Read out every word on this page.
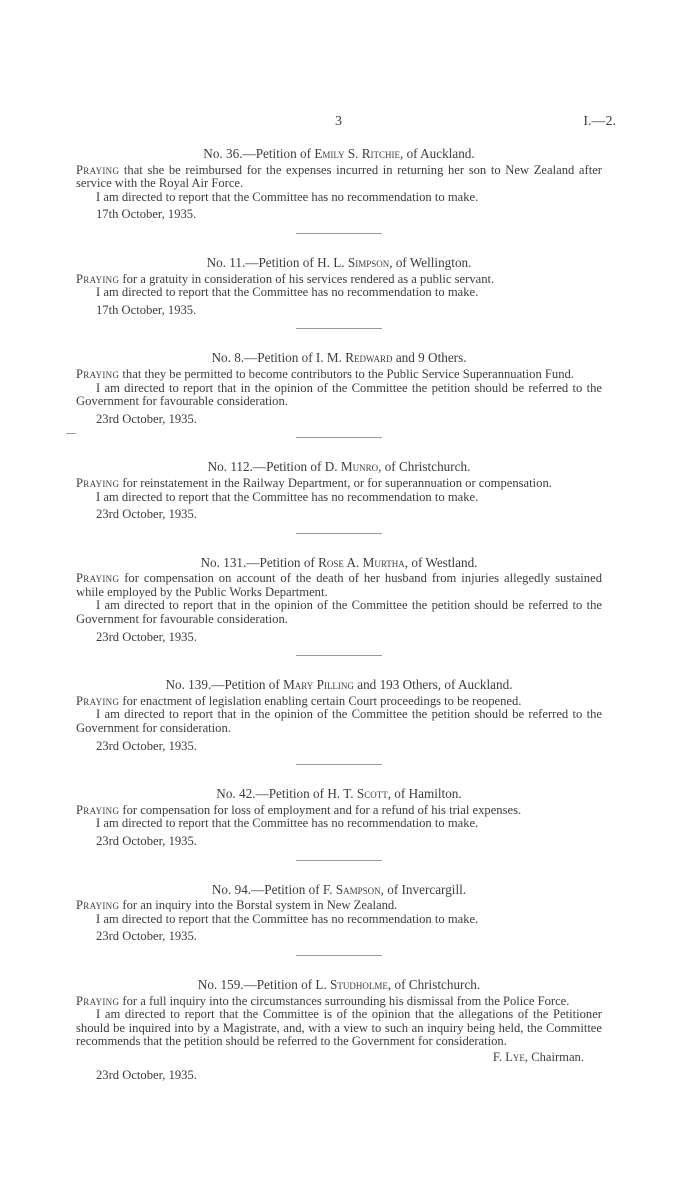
3	I.—2.
No. 36.—Petition of Emily S. Ritchie, of Auckland.

Praying that she be reimbursed for the expenses incurred in returning her son to New Zealand after service with the Royal Air Force.

I am directed to report that the Committee has no recommendation to make.

17th October, 1935.

No. 11.—Petition of H. L. Simpson, of Wellington.

Praying for a gratuity in consideration of his services rendered as a public servant.

I am directed to report that the Committee has no recommendation to make.

17th October, 1935.

No. 8.—Petition of I. M. Redward and 9 Others.

Praying that they be permitted to become contributors to the Public Service Superannuation Fund.

I am directed to report that in the opinion of the Committee the petition should be referred to the Government for favourable consideration.

23rd October, 1935.

No. 112.—Petition of D. Munro, of Christchurch.

Praying for reinstatement in the Railway Department, or for superannuation or compensation.

I am directed to report that the Committee has no recommendation to make.

23rd October, 1935.

No. 131.—Petition of Rose A. Murtha, of Westland.

Praying for compensation on account of the death of her husband from injuries allegedly sustained while employed by the Public Works Department.

I am directed to report that in the opinion of the Committee the petition should be referred to the Government for favourable consideration.

23rd October, 1935.

No. 139.—Petition of Mary Pilling and 193 Others, of Auckland.

Praying for enactment of legislation enabling certain Court proceedings to be reopened.

I am directed to report that in the opinion of the Committee the petition should be referred to the Government for consideration.

23rd October, 1935.

No. 42.—Petition of H. T. Scott, of Hamilton.

Praying for compensation for loss of employment and for a refund of his trial expenses.

I am directed to report that the Committee has no recommendation to make.

23rd October, 1935.

No. 94.—Petition of F. Sampson, of Invercargill.

Praying for an inquiry into the Borstal system in New Zealand.

I am directed to report that the Committee has no recommendation to make.

23rd October, 1935.

No. 159.—Petition of L. Studholme, of Christchurch.

Praying for a full inquiry into the circumstances surrounding his dismissal from the Police Force.

I am directed to report that the Committee is of the opinion that the allegations of the Petitioner should be inquired into by a Magistrate, and, with a view to such an inquiry being held, the Committee recommends that the petition should be referred to the Government for consideration.

F. Lye, Chairman.

23rd October, 1935.
